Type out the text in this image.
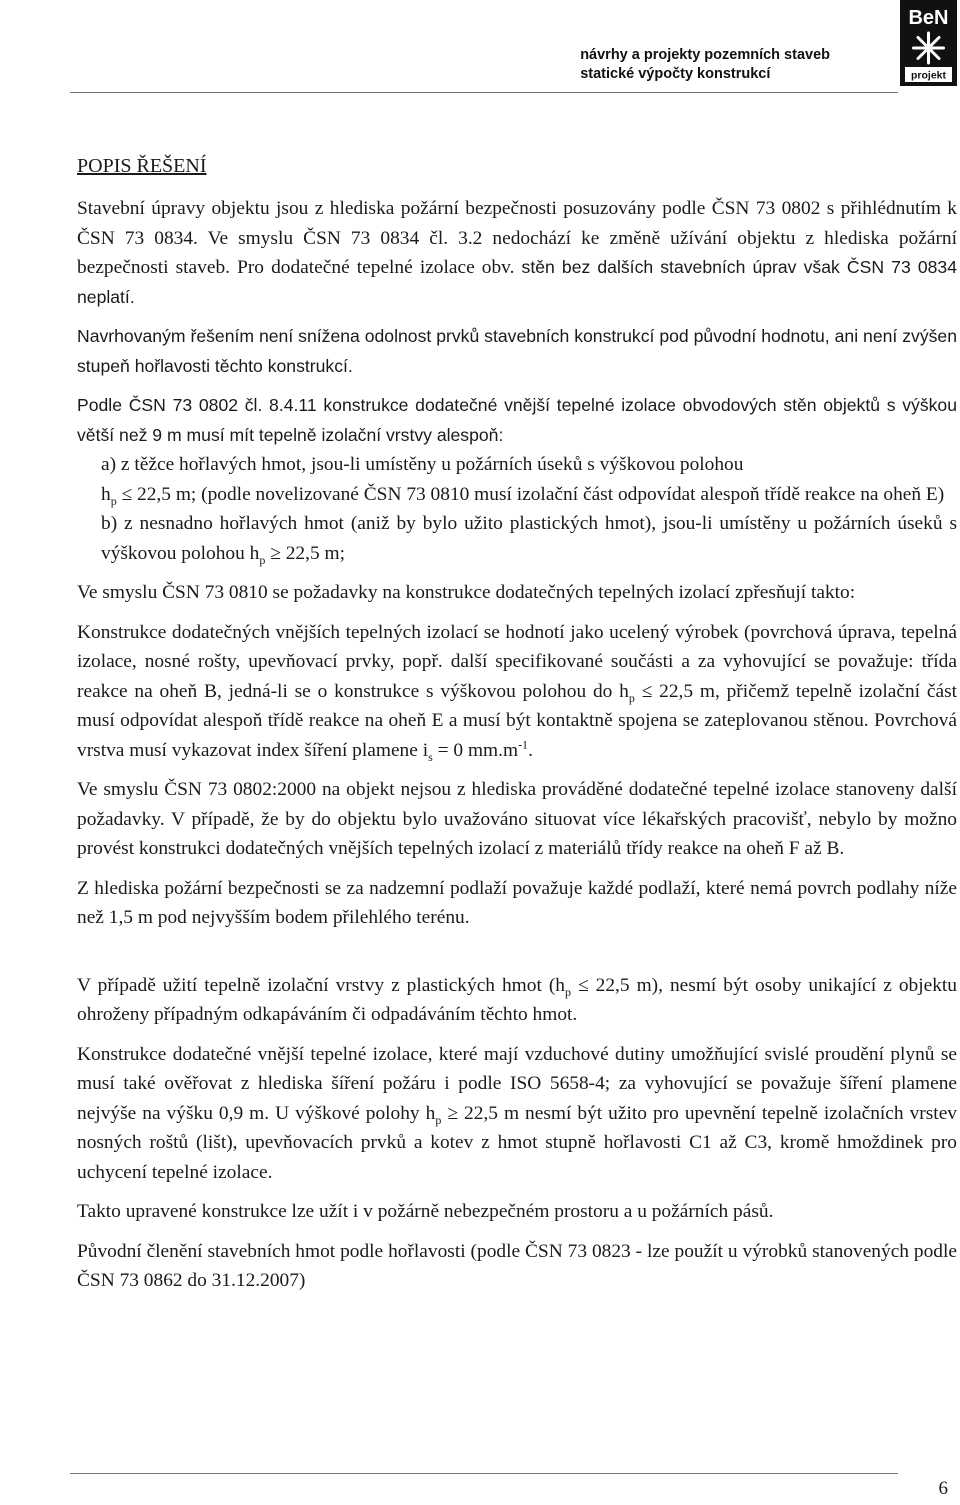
BeN
projekt
návrhy a projekty pozemních staveb
statické výpočty konstrukcí
POPIS ŘEŠENÍ
Stavební úpravy objektu jsou z hlediska požární bezpečnosti posuzovány podle ČSN 73 0802 s přihlédnutím k ČSN 73 0834. Ve smyslu ČSN 73 0834 čl. 3.2 nedochází ke změně užívání objektu z hlediska požární bezpečnosti staveb. Pro dodatečné tepelné izolace obv. stěn bez dalších stavebních úprav však ČSN 73 0834 neplatí.
Navrhovaným řešením není snížena odolnost prvků stavebních konstrukcí pod původní hodnotu, ani není zvýšen stupeň hořlavosti těchto konstrukcí.
Podle ČSN 73 0802 čl. 8.4.11 konstrukce dodatečné vnější tepelné izolace obvodových stěn objektů s výškou větší než 9 m musí mít tepelně izolační vrstvy alespoň:
a) z těžce hořlavých hmot, jsou-li umístěny u požárních úseků s výškovou polohou
$h_p \le 22,5$ m; (podle novelizované ČSN 73 0810 musí izolační část odpovídat alespoň třídě reakce na oheň E)
b) z nesnadno hořlavých hmot (aniž by bylo užito plastických hmot), jsou-li umístěny u požárních úseků s výškovou polohou $h_p \ge 22,5$ m;
Ve smyslu ČSN 73 0810 se požadavky na konstrukce dodatečných tepelných izolací zpřesňují takto:
Konstrukce dodatečných vnějších tepelných izolací se hodnotí jako ucelený výrobek (povrchová úprava, tepelná izolace, nosné rošty, upevňovací prvky, popř. další specifikované součásti a za vyhovující se považuje: třída reakce na oheň B, jedná-li se o konstrukce s výškovou polohou do $h_p \le 22,5$ m, přičemž tepelně izolační část musí odpovídat alespoň třídě reakce na oheň E a musí být kontaktně spojena se zateplovanou stěnou. Povrchová vrstva musí vykazovat index šíření plamene $i_s = 0$ $mm.m^{-1}$.
Ve smyslu ČSN 73 0802:2000 na objekt nejsou z hlediska prováděné dodatečné tepelné izolace stanoveny další požadavky. V případě, že by do objektu bylo uvažováno situovat více lékařských pracovišť, nebylo by možno provést konstrukci dodatečných vnějších tepelných izolací z materiálů třídy reakce na oheň F až B.
Z hlediska požární bezpečnosti se za nadzemní podlaží považuje každé podlaží, které nemá povrch podlahy níže než 1,5 m pod nejvyšším bodem přilehlého terénu.
V případě užití tepelně izolační vrstvy z plastických hmot ($h_p \le 22,5$ m), nesmí být osoby unikající z objektu ohroženy případným odkapáváním či odpadáváním těchto hmot.
Konstrukce dodatečné vnější tepelné izolace, které mají vzduchové dutiny umožňující svislé proudění plynů se musí také ověřovat z hlediska šíření požáru i podle ISO 5658-4; za vyhovující se považuje šíření plamene nejvýše na výšku 0,9 m. U výškové polohy $h_p \ge 22,5$ m nesmí být užito pro upevnění tepelně izolačních vrstev nosných roštů (lišt), upevňovacích prvků a kotev z hmot stupně hořlavosti C1 až C3, kromě hmoždinek pro uchycení tepelné izolace.
Takto upravené konstrukce lze užít i v požárně nebezpečném prostoru a u požárních pásů.
Původní členění stavebních hmot podle hořlavosti (podle ČSN 73 0823 - lze použít u výrobků stanovených podle ČSN 73 0862 do 31.12.2007)
6
